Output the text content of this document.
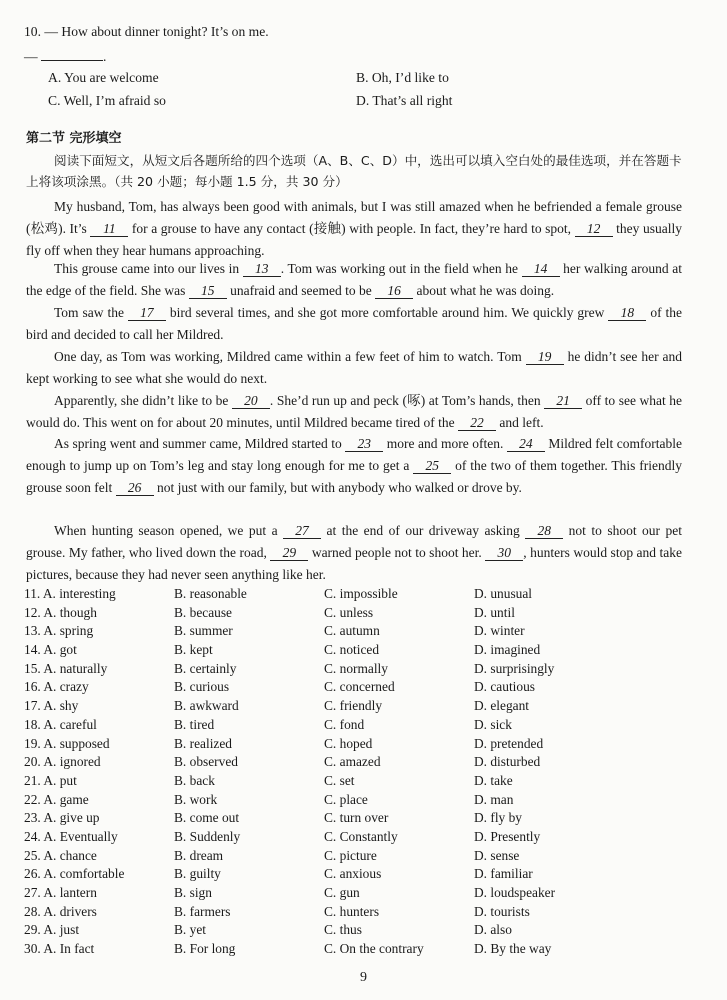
10. — How about dinner tonight? It’s on me.
—	.
A. You are welcome	B. Oh, I’d like to
C. Well, I’m afraid so	D. That’s all right
第二节 完形填空
阅读下面短文，从短文后各题所给的四个选项（A、B、C、D）中，选出可以填入空白处的最佳选项，并在答题卡上将该项涂黑。（共 20 小题；每小题 1.5 分，共 30 分）
My husband, Tom, has always been good with animals, but I was still amazed when he befriended a female grouse (松鸡). It’s 11 for a grouse to have any contact (接触) with people. In fact, they’re hard to spot, 12 they usually fly off when they hear humans approaching.
This grouse came into our lives in 13 . Tom was working out in the field when he 14 her walking around at the edge of the field. She was 15 unafraid and seemed to be 16 about what he was doing.
Tom saw the 17 bird several times, and she got more comfortable around him. We quickly grew 18 of the bird and decided to call her Mildred.
One day, as Tom was working, Mildred came within a few feet of him to watch. Tom 19 he didn’t see her and kept working to see what she would do next.
Apparently, she didn’t like to be 20 . She’d run up and peck (啄) at Tom’s hands, then 21 off to see what he would do. This went on for about 20 minutes, until Mildred became tired of the 22 and left.
As spring went and summer came, Mildred started to 23 more and more often. 24 Mildred felt comfortable enough to jump up on Tom’s leg and stay long enough for me to get a 25 of the two of them together. This friendly grouse soon felt 26 not just with our family, but with anybody who walked or drove by.
When hunting season opened, we put a 27 at the end of our driveway asking 28 not to shoot our pet grouse. My father, who lived down the road, 29 warned people not to shoot her. 30 , hunters would stop and take pictures, because they had never seen anything like her.
11. A. interesting	B. reasonable	C. impossible	D. unusual
12. A. though	B. because	C. unless	D. until
13. A. spring	B. summer	C. autumn	D. winter
14. A. got	B. kept	C. noticed	D. imagined
15. A. naturally	B. certainly	C. normally	D. surprisingly
16. A. crazy	B. curious	C. concerned	D. cautious
17. A. shy	B. awkward	C. friendly	D. elegant
18. A. careful	B. tired	C. fond	D. sick
19. A. supposed	B. realized	C. hoped	D. pretended
20. A. ignored	B. observed	C. amazed	D. disturbed
21. A. put	B. back	C. set	D. take
22. A. game	B. work	C. place	D. man
23. A. give up	B. come out	C. turn over	D. fly by
24. A. Eventually	B. Suddenly	C. Constantly	D. Presently
25. A. chance	B. dream	C. picture	D. sense
26. A. comfortable	B. guilty	C. anxious	D. familiar
27. A. lantern	B. sign	C. gun	D. loudspeaker
28. A. drivers	B. farmers	C. hunters	D. tourists
29. A. just	B. yet	C. thus	D. also
30. A. In fact	B. For long	C. On the contrary	D. By the way
9
